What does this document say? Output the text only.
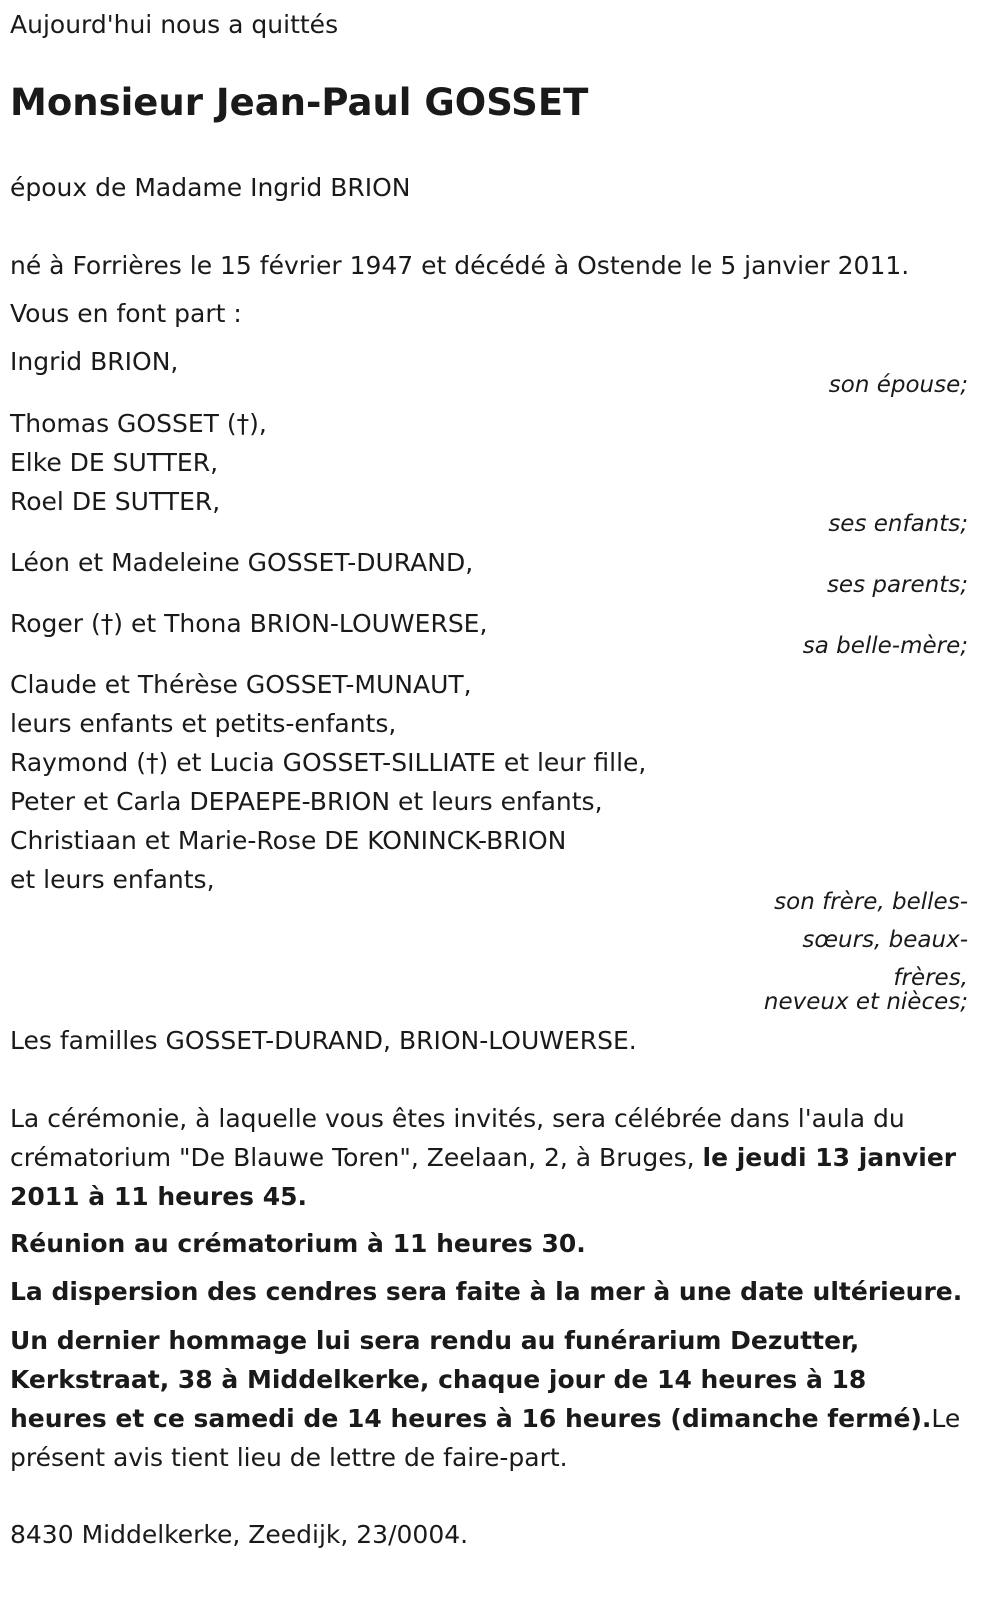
Aujourd'hui nous a quittés

Monsieur Jean-Paul GOSSET

époux de Madame Ingrid BRION

né à Forrières le 15 février 1947 et décédé à Ostende le 5 janvier 2011.

Vous en font part :

Ingrid BRION,

son épouse;

Thomas GOSSET (†),

Elke DE SUTTER,

Roel DE SUTTER,

ses enfants;

Léon et Madeleine GOSSET-DURAND,

ses parents;

Roger (†) et Thona BRION-LOUWERSE,

sa belle-mère;

Claude et Thérèse GOSSET-MUNAUT,

leurs enfants et petits-enfants,

Raymond (†) et Lucia GOSSET-SILLIATE et leur fille,

Peter et Carla DEPAEPE-BRION et leurs enfants,

Christiaan et Marie-Rose DE KONINCK-BRION

et leurs enfants,

son frère, belles-sœurs, beaux-frères,
neveux et nièces;

Les familles GOSSET-DURAND, BRION-LOUWERSE.

La cérémonie, à laquelle vous êtes invités, sera célébrée dans l'aula du crématorium "De Blauwe Toren", Zeelaan, 2, à Bruges, le jeudi 13 janvier 2011 à 11 heures 45.

Réunion au crématorium à 11 heures 30.

La dispersion des cendres sera faite à la mer à une date ultérieure.

Un dernier hommage lui sera rendu au funérarium Dezutter, Kerkstraat, 38 à Middelkerke, chaque jour de 14 heures à 18 heures et ce samedi de 14 heures à 16 heures (dimanche fermé).Le présent avis tient lieu de lettre de faire-part.

8430 Middelkerke, Zeedijk, 23/0004.
